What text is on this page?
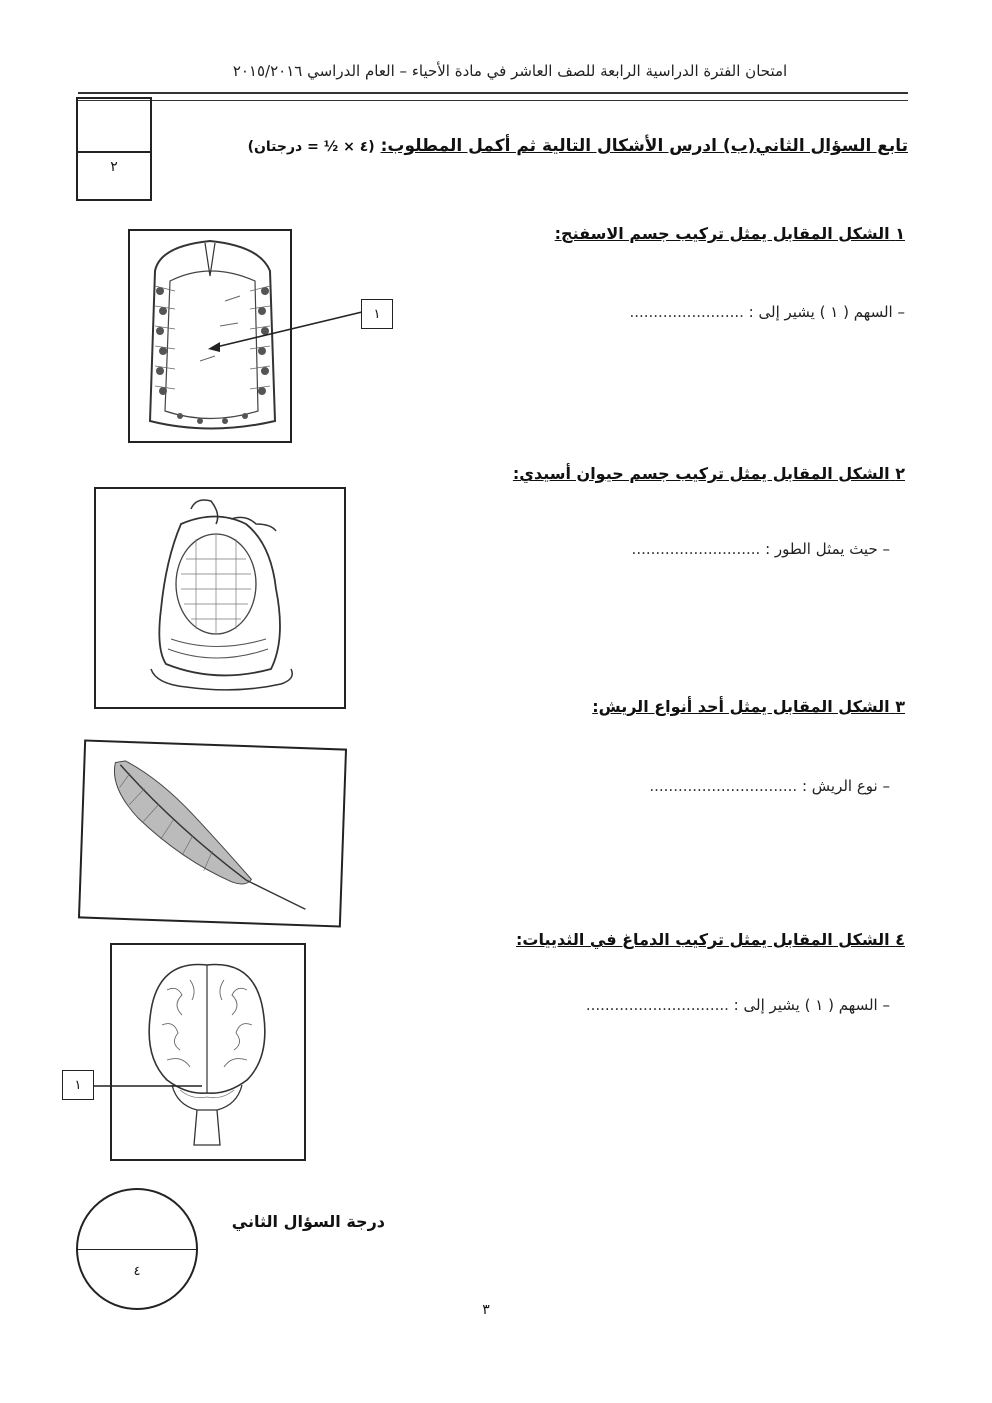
امتحان الفترة الدراسية الرابعة للصف العاشر في مادة الأحياء – العام الدراسي ٢٠١٥/٢٠١٦
٢
تابع السؤال الثاني(ب) ادرس الأشكال التالية ثم أكمل المطلوب: (٤ × ½ = درجتان)
١ الشكل المقابل يمثل تركيب جسم الاسفنج:
– السهم ( ١ ) يشير إلى : ........................
١
٢ الشكل المقابل يمثل تركيب جسم حيوان أسيدي:
– حيث يمثل الطور : ...........................
٣ الشكل المقابل يمثل أحد أنواع الريش:
– نوع الريش : ...............................
٤ الشكل المقابل يمثل تركيب الدماغ في الثدييات:
– السهم ( ١ ) يشير إلى : ..............................
١
٤
درجة السؤال الثاني
٣
